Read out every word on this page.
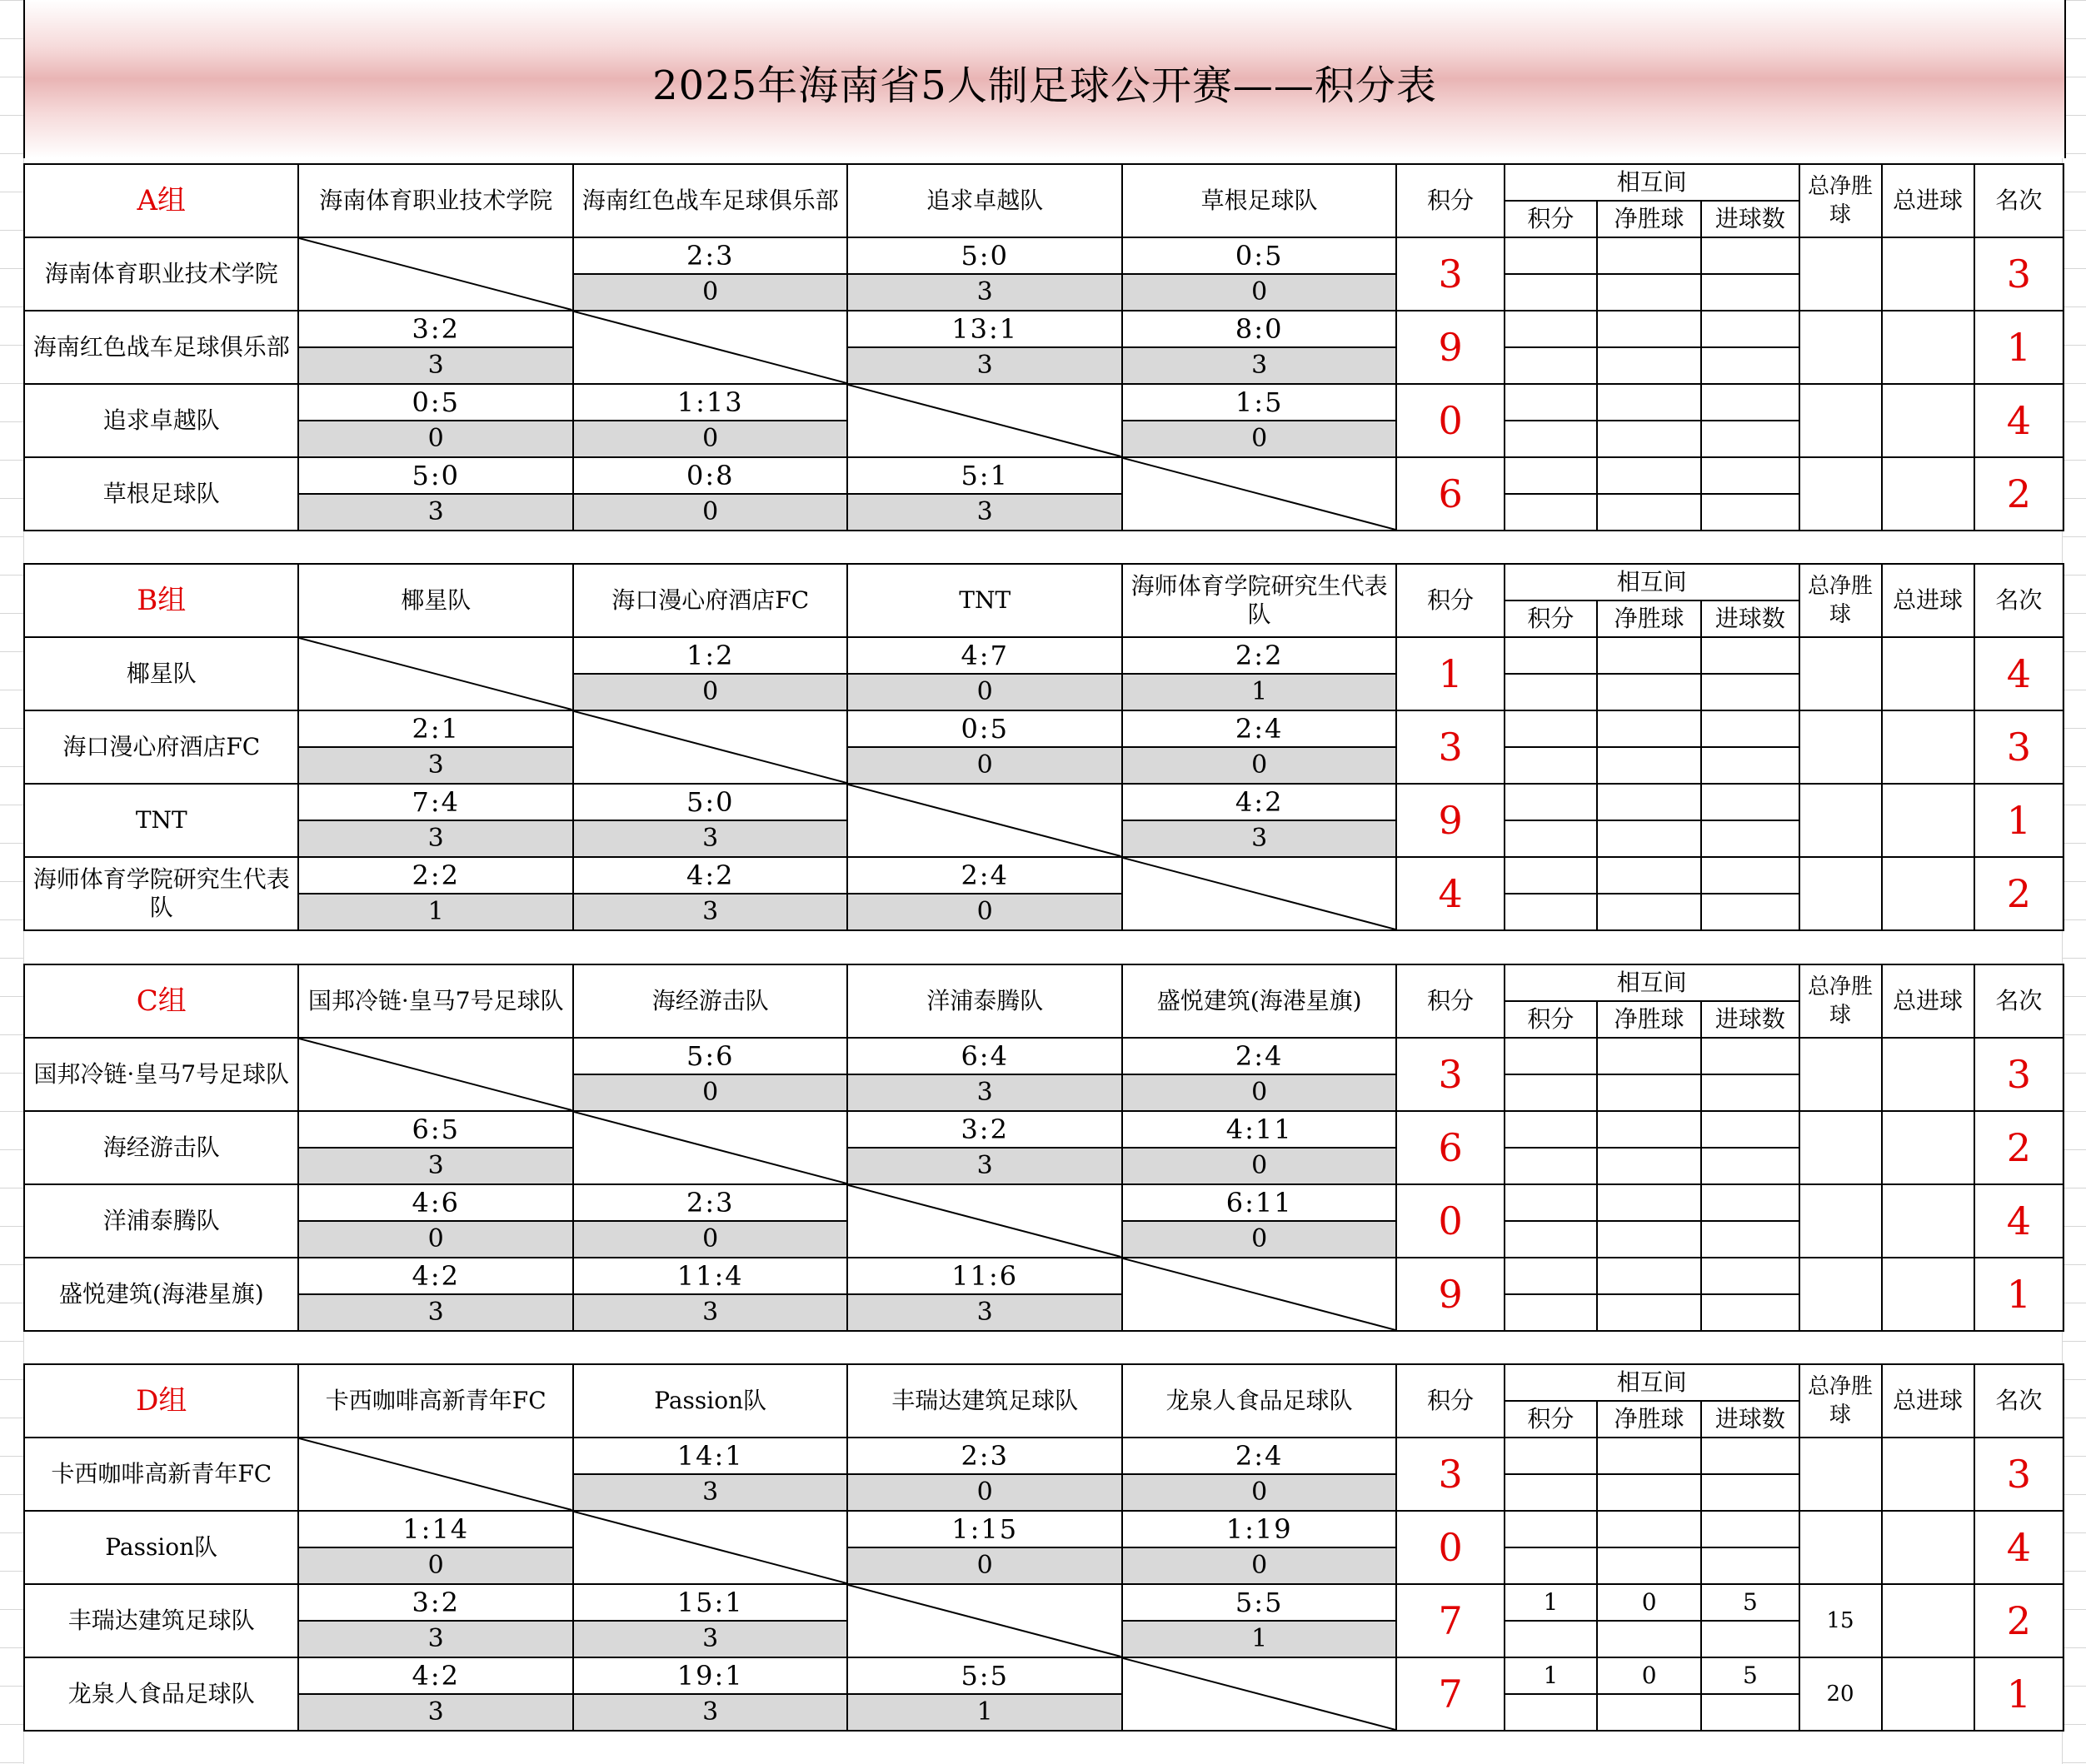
2025年海南省5人制足球公开赛——积分表
A组	海南体育职业技术学院	海南红色战车足球俱乐部	追求卓越队	草根足球队	积分	相互间			总净胜球	总进球	名次
						积分	净胜球	进球数			
海南体育职业技术学院		2:3	5:0	0:5	3						3
		0	3	0							
海南红色战车足球俱乐部	3:2		13:1	8:0	9						1
	3		3	3							
追求卓越队	0:5	1:13		1:5	0						4
	0	0		0							
草根足球队	5:0	0:8	5:1		6						2
	3	0	3								
B组	椰星队	海口漫心府酒店FC	TNT	海师体育学院研究生代表队	积分	相互间			总净胜球	总进球	名次
						积分	净胜球	进球数			
椰星队		1:2	4:7	2:2	1						4
		0	0	1							
海口漫心府酒店FC	2:1		0:5	2:4	3						3
	3		0	0							
TNT	7:4	5:0		4:2	9						1
	3	3		3							
海师体育学院研究生代表队	2:2	4:2	2:4		4						2
	1	3	0								
C组	国邦冷链·皇马7号足球队	海经游击队	洋浦泰腾队	盛悦建筑(海港星旗)	积分	相互间			总净胜球	总进球	名次
						积分	净胜球	进球数			
国邦冷链·皇马7号足球队		5:6	6:4	2:4	3						3
		0	3	0							
海经游击队	6:5		3:2	4:11	6						2
	3		3	0							
洋浦泰腾队	4:6	2:3		6:11	0						4
	0	0		0							
盛悦建筑(海港星旗)	4:2	11:4	11:6		9						1
	3	3	3								
D组	卡西咖啡高新青年FC	Passion队	丰瑞达建筑足球队	龙泉人食品足球队	积分	相互间			总净胜球	总进球	名次
						积分	净胜球	进球数			
卡西咖啡高新青年FC		14:1	2:3	2:4	3						3
		3	0	0							
Passion队	1:14		1:15	1:19	0						4
	0		0	0							
丰瑞达建筑足球队	3:2	15:1		5:5	7	1	0	5	15		2
	3	3		1							
龙泉人食品足球队	4:2	19:1	5:5		7	1	0	5	20		1
	3	3	1								
